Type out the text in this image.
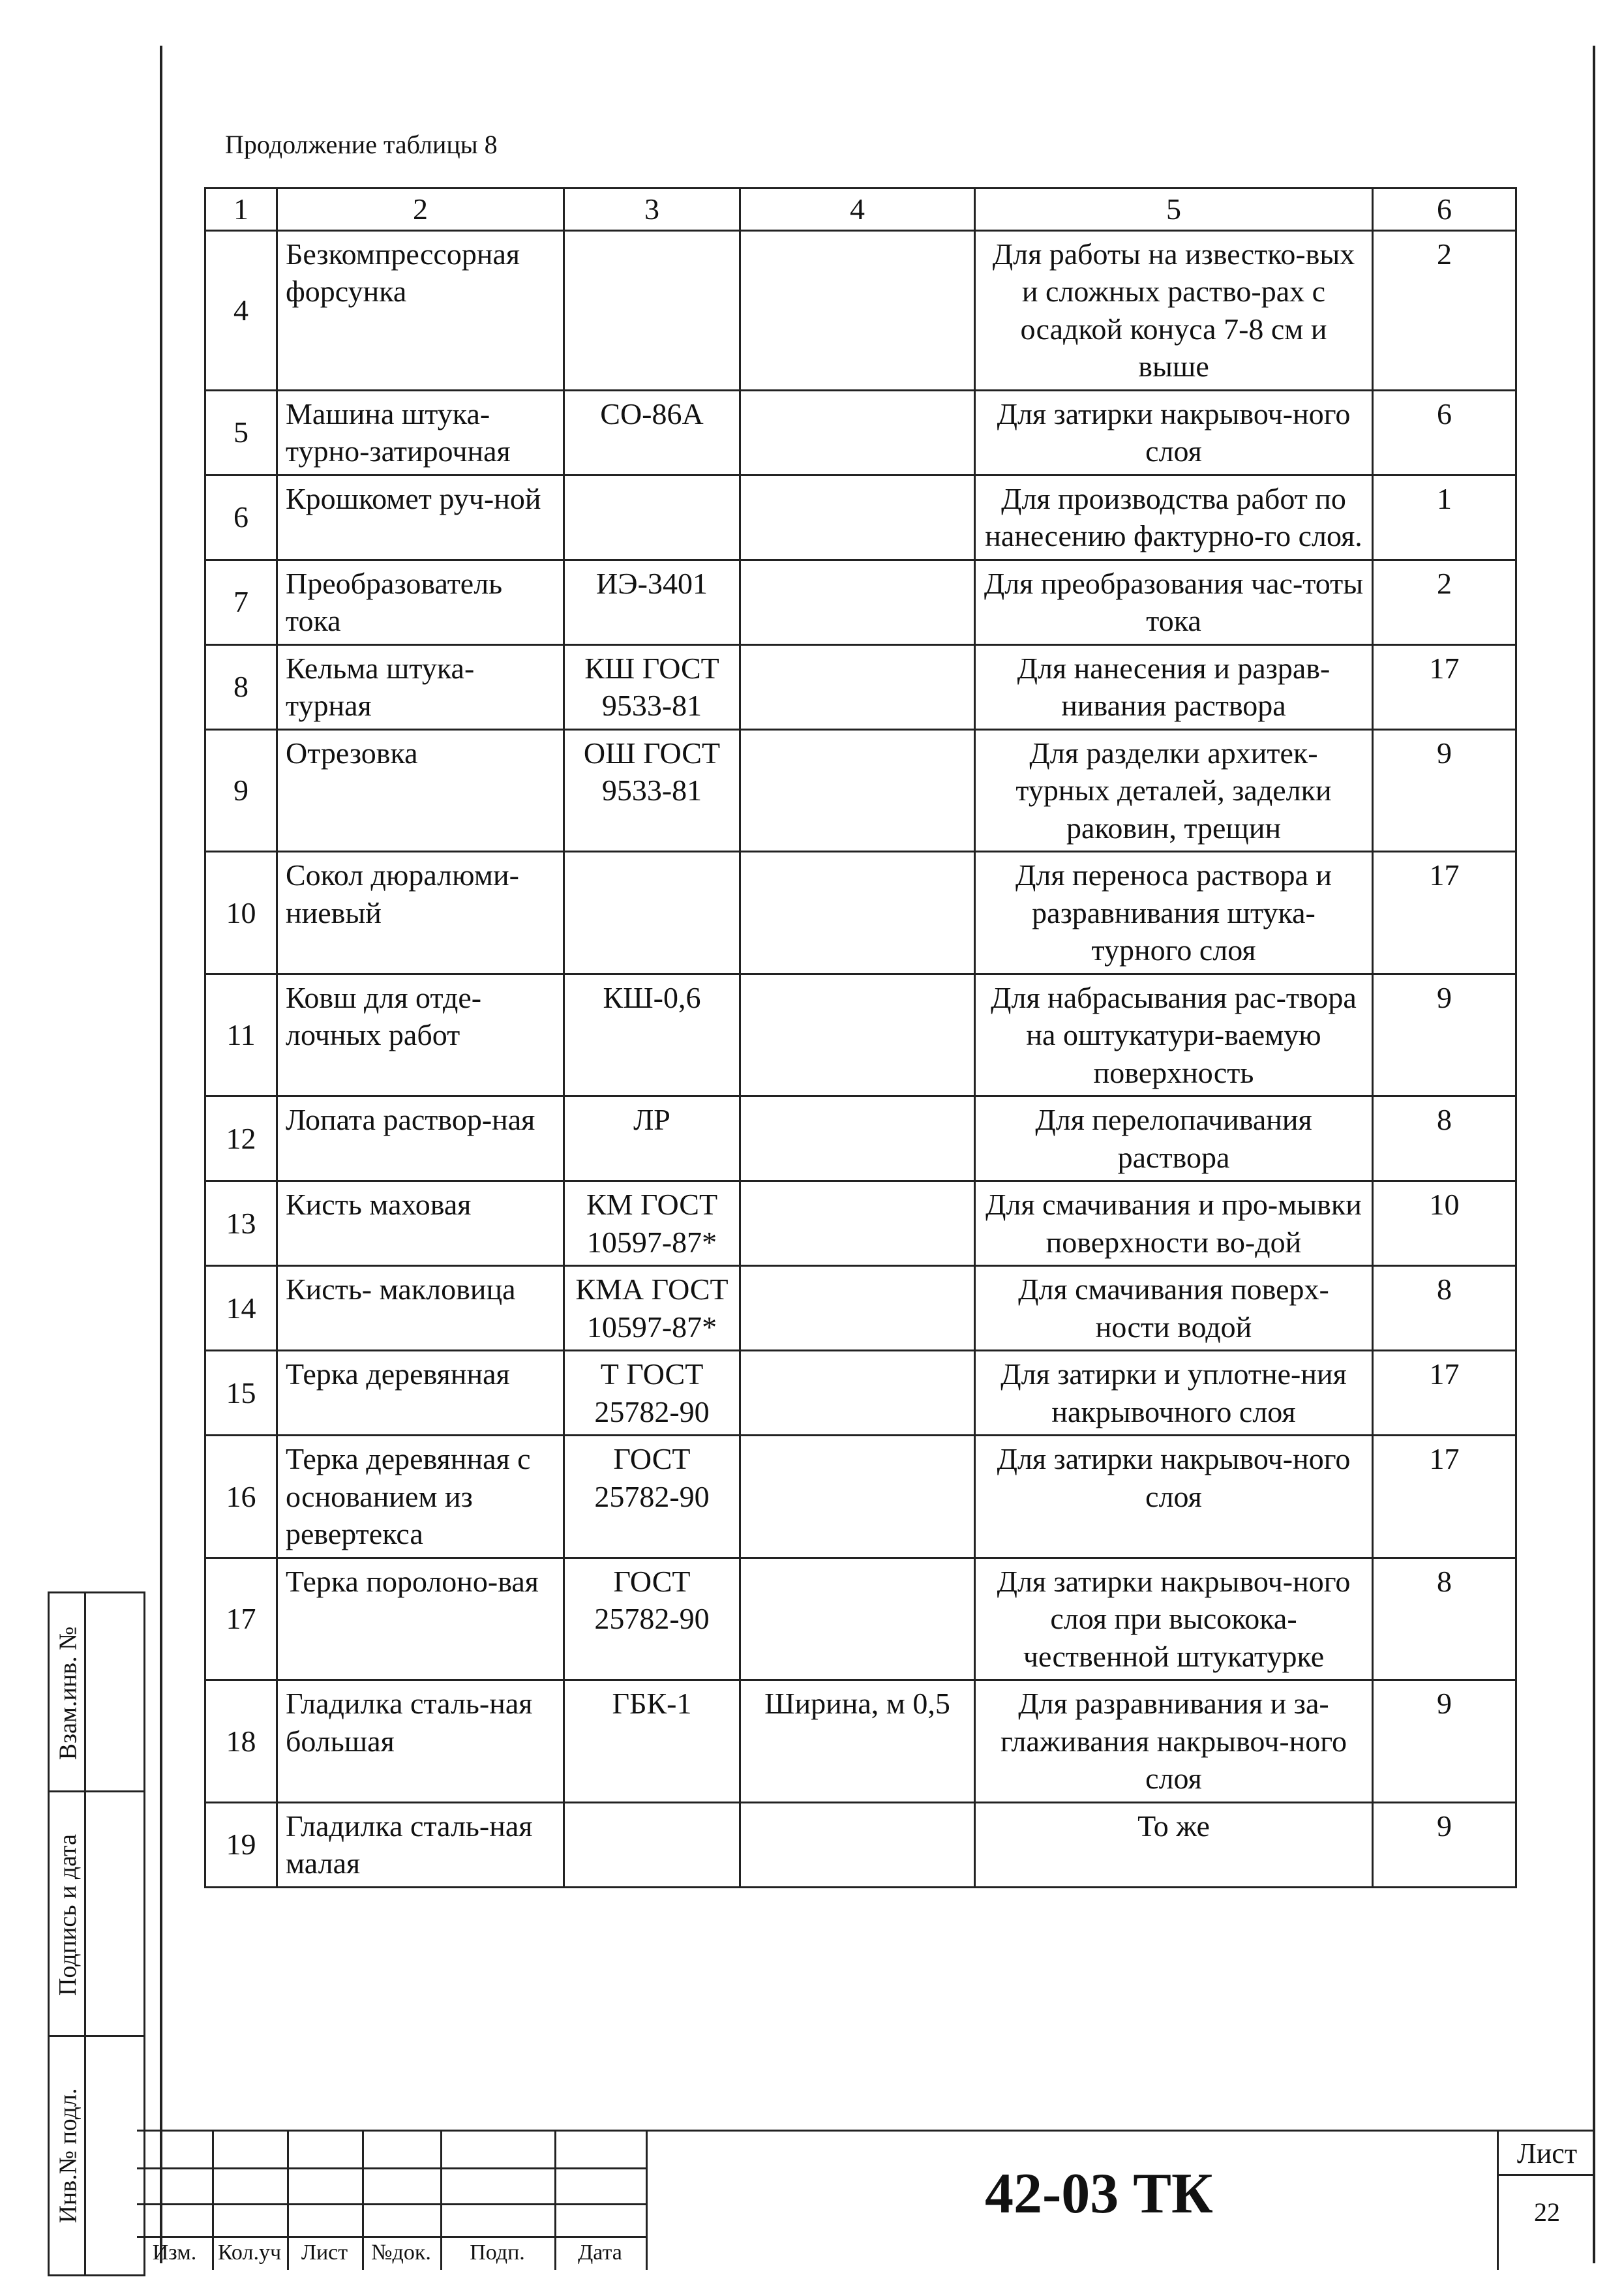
Продолжение таблицы 8
1	2	3	4	5	6
4	Безкомпрессорная форсунка			Для работы на известко-вых и сложных раство-рах с осадкой конуса 7-8 см и выше	2
5	Машина штука-турно-затирочная	СО-86А		Для затирки накрывоч-ного слоя	6
6	Крошкомет руч-ной			Для производства работ по нанесению фактурно-го слоя.	1
7	Преобразователь тока	ИЭ-3401		Для преобразования час-тоты тока	2
8	Кельма штука-турная	КШ ГОСТ 9533-81		Для нанесения и разрав-нивания раствора	17
9	Отрезовка	ОШ ГОСТ 9533-81		Для разделки архитек-турных деталей, заделки раковин, трещин	9
10	Сокол дюралюми-ниевый			Для переноса раствора и разравнивания штука-турного слоя	17
11	Ковш для отде-лочных работ	КШ-0,6		Для набрасывания рас-твора на оштукатури-ваемую поверхность	9
12	Лопата раствор-ная	ЛР		Для перелопачивания раствора	8
13	Кисть маховая	КМ ГОСТ 10597-87*		Для смачивания и про-мывки поверхности во-дой	10
14	Кисть- макловица	КМА ГОСТ 10597-87*		Для смачивания поверх-ности водой	8
15	Терка деревянная	Т ГОСТ 25782-90		Для затирки и уплотне-ния накрывочного слоя	17
16	Терка деревянная с основанием из ревертекса	ГОСТ 25782-90		Для затирки накрывоч-ного слоя	17
17	Терка поролоно-вая	ГОСТ 25782-90		Для затирки накрывоч-ного слоя при высокока-чественной штукатурке	8
18	Гладилка сталь-ная большая	ГБК-1	Ширина, м 0,5	Для разравнивания и за-глаживания накрывоч-ного слоя	9
19	Гладилка сталь-ная малая			То же	9
Взам.инв. №
Подпись и дата
Инв.№ подл.
Изм. Кол.уч Лист	№док.	Подп.	Дата
42-03 ТК
Лист
22
